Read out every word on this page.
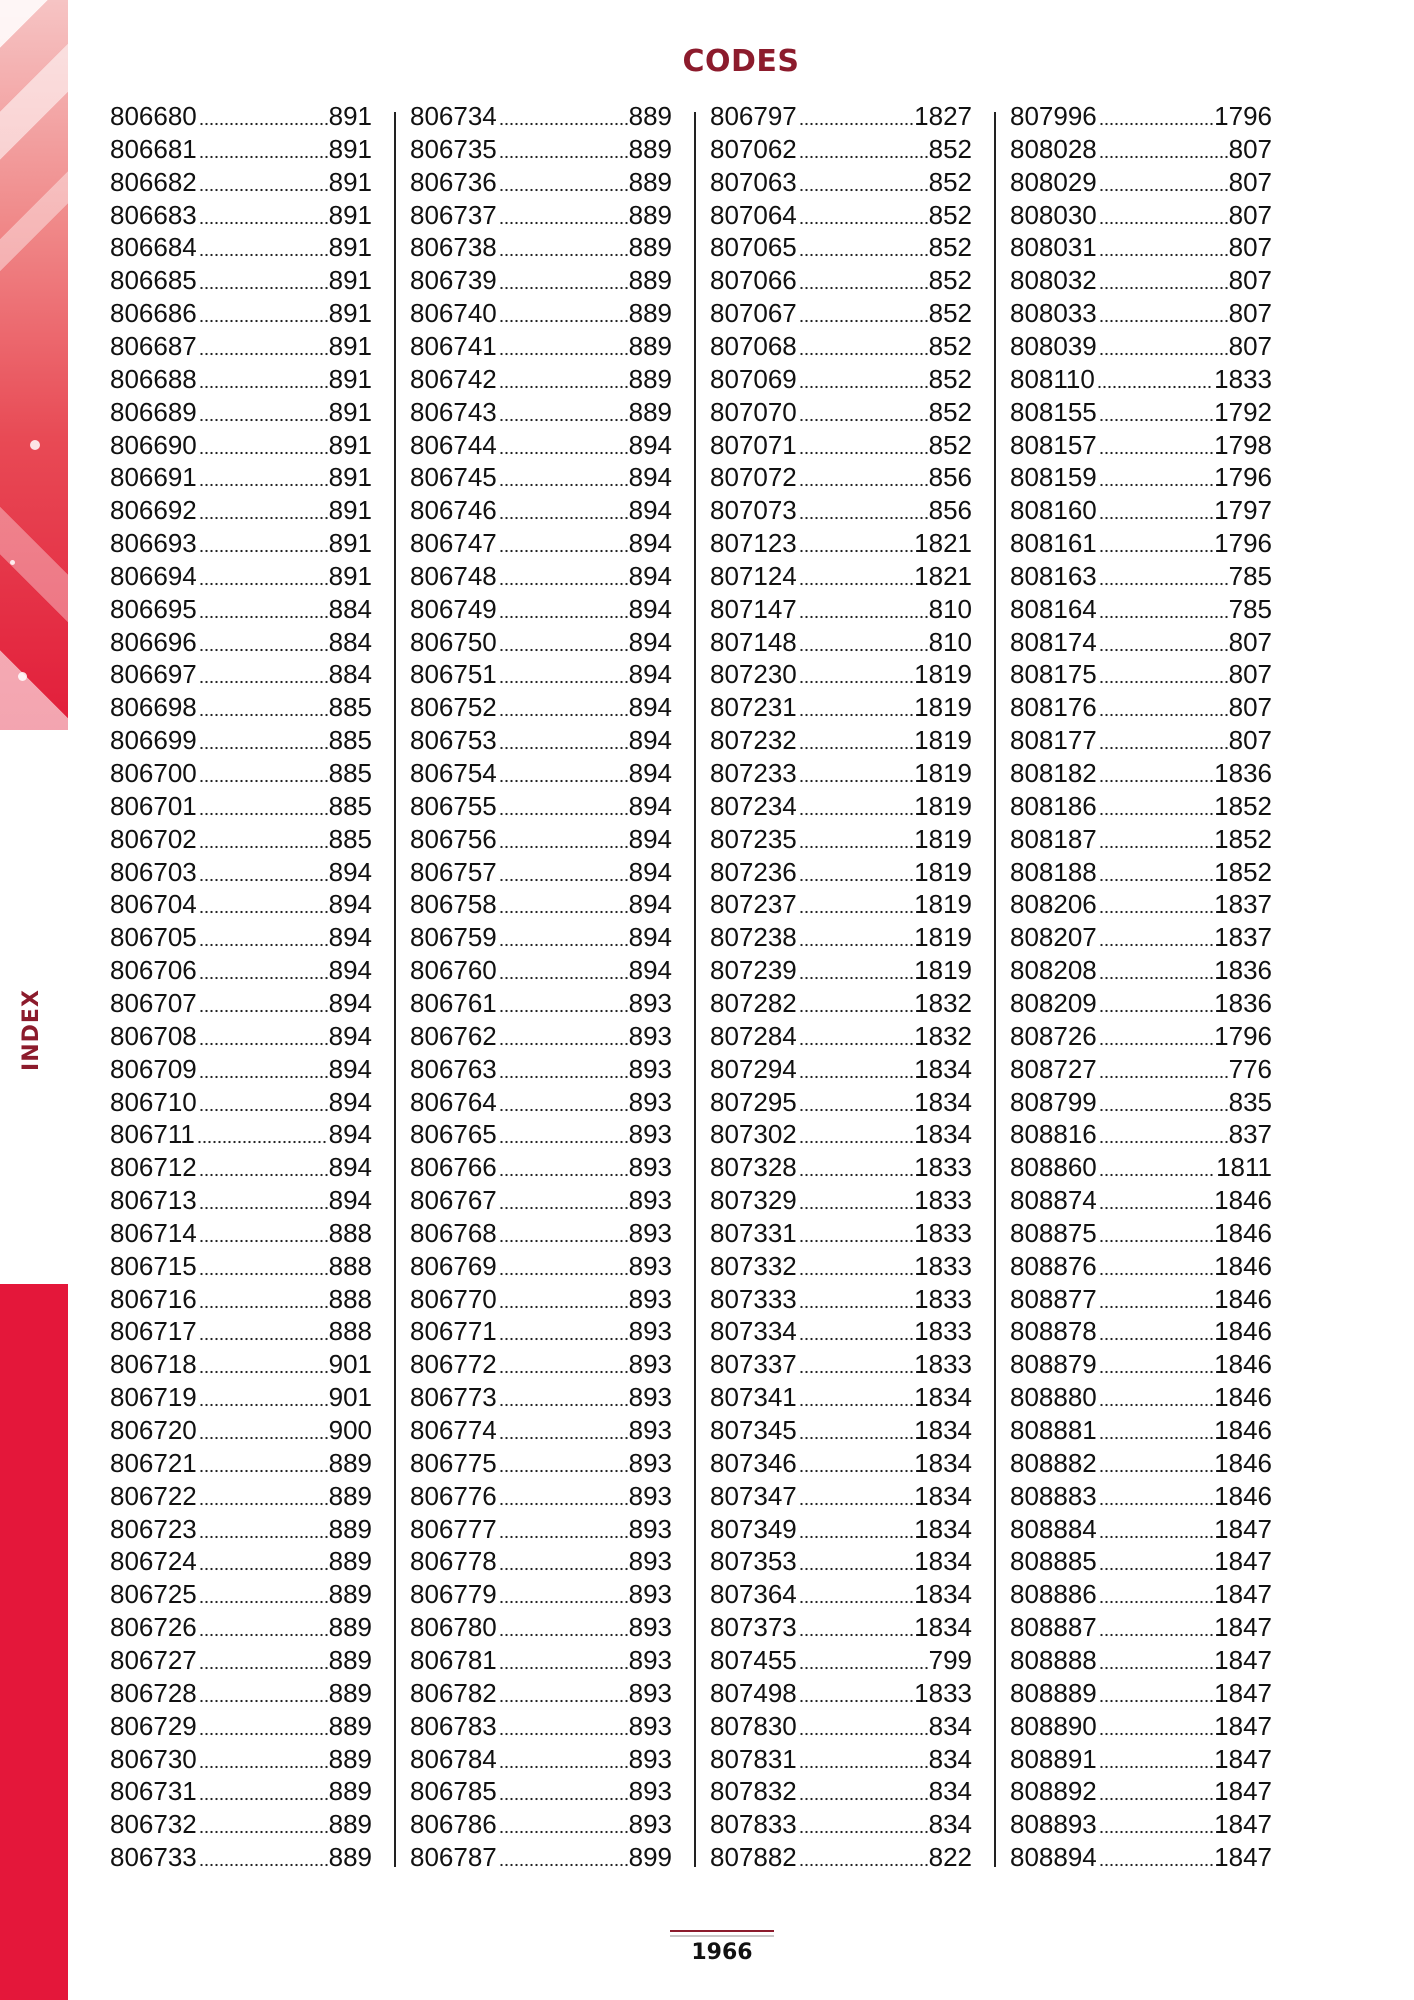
INDEX
CODES
806680	891
806681	891
806682	891
806683	891
806684	891
806685	891
806686	891
806687	891
806688	891
806689	891
806690	891
806691	891
806692	891
806693	891
806694	891
806695	884
806696	884
806697	884
806698	885
806699	885
806700	885
806701	885
806702	885
806703	894
806704	894
806705	894
806706	894
806707	894
806708	894
806709	894
806710	894
806711	894
806712	894
806713	894
806714	888
806715	888
806716	888
806717	888
806718	901
806719	901
806720	900
806721	889
806722	889
806723	889
806724	889
806725	889
806726	889
806727	889
806728	889
806729	889
806730	889
806731	889
806732	889
806733	889
806734	889
806735	889
806736	889
806737	889
806738	889
806739	889
806740	889
806741	889
806742	889
806743	889
806744	894
806745	894
806746	894
806747	894
806748	894
806749	894
806750	894
806751	894
806752	894
806753	894
806754	894
806755	894
806756	894
806757	894
806758	894
806759	894
806760	894
806761	893
806762	893
806763	893
806764	893
806765	893
806766	893
806767	893
806768	893
806769	893
806770	893
806771	893
806772	893
806773	893
806774	893
806775	893
806776	893
806777	893
806778	893
806779	893
806780	893
806781	893
806782	893
806783	893
806784	893
806785	893
806786	893
806787	899
806797	1827
807062	852
807063	852
807064	852
807065	852
807066	852
807067	852
807068	852
807069	852
807070	852
807071	852
807072	856
807073	856
807123	1821
807124	1821
807147	810
807148	810
807230	1819
807231	1819
807232	1819
807233	1819
807234	1819
807235	1819
807236	1819
807237	1819
807238	1819
807239	1819
807282	1832
807284	1832
807294	1834
807295	1834
807302	1834
807328	1833
807329	1833
807331	1833
807332	1833
807333	1833
807334	1833
807337	1833
807341	1834
807345	1834
807346	1834
807347	1834
807349	1834
807353	1834
807364	1834
807373	1834
807455	799
807498	1833
807830	834
807831	834
807832	834
807833	834
807882	822
807996	1796
808028	807
808029	807
808030	807
808031	807
808032	807
808033	807
808039	807
808110	1833
808155	1792
808157	1798
808159	1796
808160	1797
808161	1796
808163	785
808164	785
808174	807
808175	807
808176	807
808177	807
808182	1836
808186	1852
808187	1852
808188	1852
808206	1837
808207	1837
808208	1836
808209	1836
808726	1796
808727	776
808799	835
808816	837
808860	1811
808874	1846
808875	1846
808876	1846
808877	1846
808878	1846
808879	1846
808880	1846
808881	1846
808882	1846
808883	1846
808884	1847
808885	1847
808886	1847
808887	1847
808888	1847
808889	1847
808890	1847
808891	1847
808892	1847
808893	1847
808894	1847
1966
